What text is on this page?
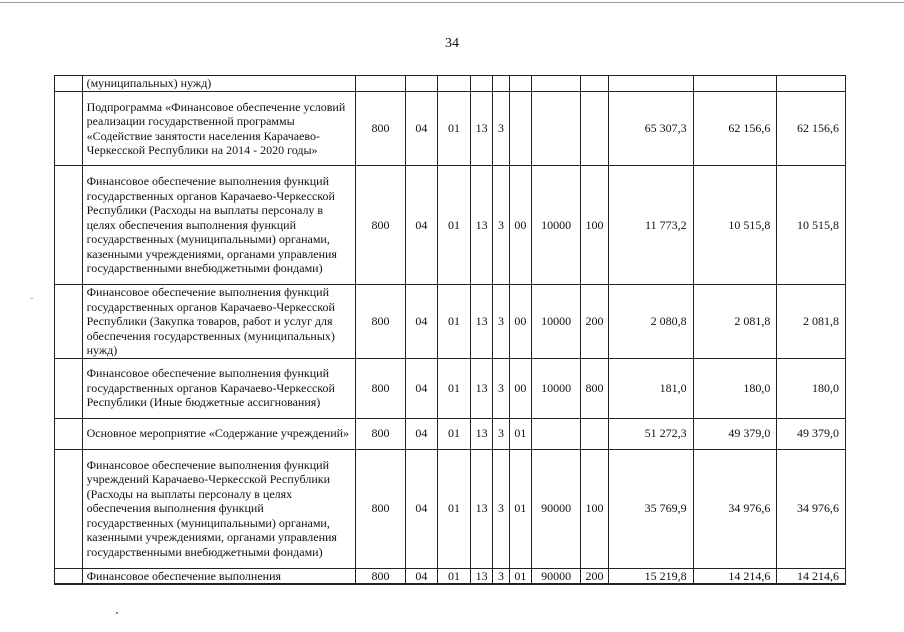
34
-
	(муниципальных) нужд)											
	Подпрограмма «Финансовое обеспечение условий реализации государственной программы «Содействие занятости населения Карачаево-Черкесской Республики на 2014 - 2020 годы»	800	04	01	13	3				65 307,3	62 156,6	62 156,6
	Финансовое обеспечение выполнения функций государственных органов Карачаево-Черкесской Республики (Расходы на выплаты персоналу в целях обеспечения выполнения функций государственных (муниципальными) органами, казенными учреждениями, органами управления государственными внебюджетными фондами)	800	04	01	13	3	00	10000	100	11 773,2	10 515,8	10 515,8
	Финансовое обеспечение выполнения функций государственных органов Карачаево-Черкесской Республики (Закупка товаров, работ и услуг для обеспечения государственных (муниципальных) нужд)	800	04	01	13	3	00	10000	200	2 080,8	2 081,8	2 081,8
	Финансовое обеспечение выполнения функций государственных органов Карачаево-Черкесской Республики (Иные бюджетные ассигнования)	800	04	01	13	3	00	10000	800	181,0	180,0	180,0
	Основное мероприятие «Содержание учреждений»	800	04	01	13	3	01			51 272,3	49 379,0	49 379,0
	Финансовое обеспечение выполнения функций учреждений Карачаево-Черкесской Республики (Расходы на выплаты персоналу в целях обеспечения выполнения функций государственных (муниципальными) органами, казенными учреждениями, органами управления государственными внебюджетными фондами)	800	04	01	13	3	01	90000	100	35 769,9	34 976,6	34 976,6
	Финансовое обеспечение выполнения	800	04	01	13	3	01	90000	200	15 219,8	14 214,6	14 214,6
